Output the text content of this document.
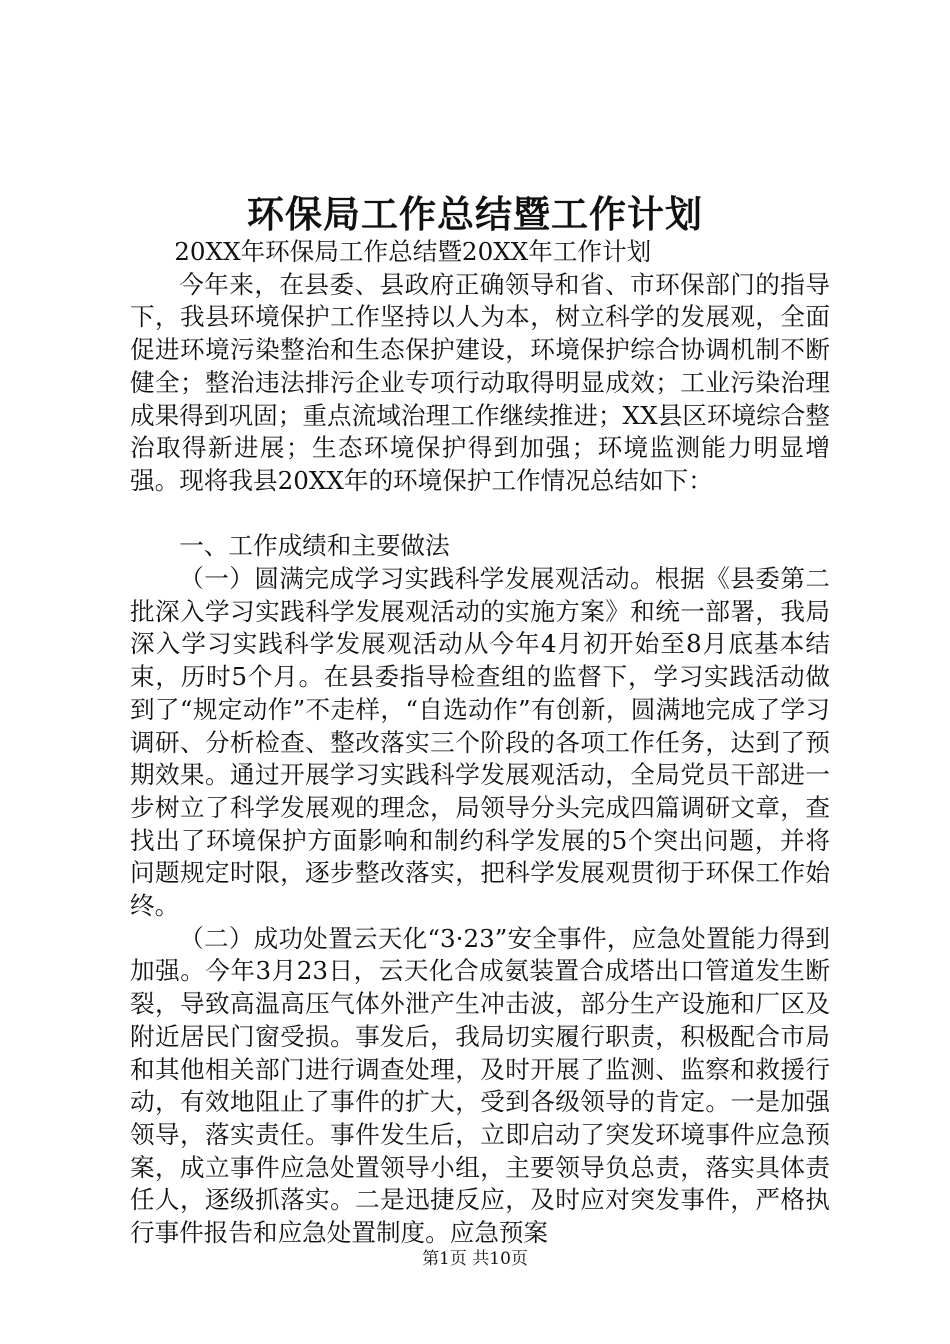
环保局工作总结暨工作计划

20XX年环保局工作总结暨20XX年工作计划

今年来，在县委、县政府正确领导和省、市环保部门的指导下，我县环境保护工作坚持以人为本，树立科学的发展观，全面促进环境污染整治和生态保护建设，环境保护综合协调机制不断健全；整治违法排污企业专项行动取得明显成效；工业污染治理成果得到巩固；重点流域治理工作继续推进；XX县区环境综合整治取得新进展；生态环境保护得到加强；环境监测能力明显增强。现将我县20XX年的环境保护工作情况总结如下：

一、工作成绩和主要做法

（一）圆满完成学习实践科学发展观活动。根据《县委第二批深入学习实践科学发展观活动的实施方案》和统一部署，我局深入学习实践科学发展观活动从今年4月初开始至8月底基本结束，历时5个月。在县委指导检查组的监督下，学习实践活动做到了“规定动作”不走样，“自选动作”有创新，圆满地完成了学习调研、分析检查、整改落实三个阶段的各项工作任务，达到了预期效果。通过开展学习实践科学发展观活动，全局党员干部进一步树立了科学发展观的理念，局领导分头完成四篇调研文章，查找出了环境保护方面影响和制约科学发展的5个突出问题，并将问题规定时限，逐步整改落实，把科学发展观贯彻于环保工作始终。

（二）成功处置云天化“3·23”安全事件，应急处置能力得到加强。今年3月23日，云天化合成氨装置合成塔出口管道发生断裂，导致高温高压气体外泄产生冲击波，部分生产设施和厂区及附近居民门窗受损。事发后，我局切实履行职责，积极配合市局和其他相关部门进行调查处理，及时开展了监测、监察和救援行动，有效地阻止了事件的扩大，受到各级领导的肯定。一是加强领导，落实责任。事件发生后，立即启动了突发环境事件应急预案，成立事件应急处置领导小组，主要领导负总责，落实具体责任人，逐级抓落实。二是迅捷反应，及时应对突发事件，严格执行事件报告和应急处置制度。应急预案

第1页 共10页
